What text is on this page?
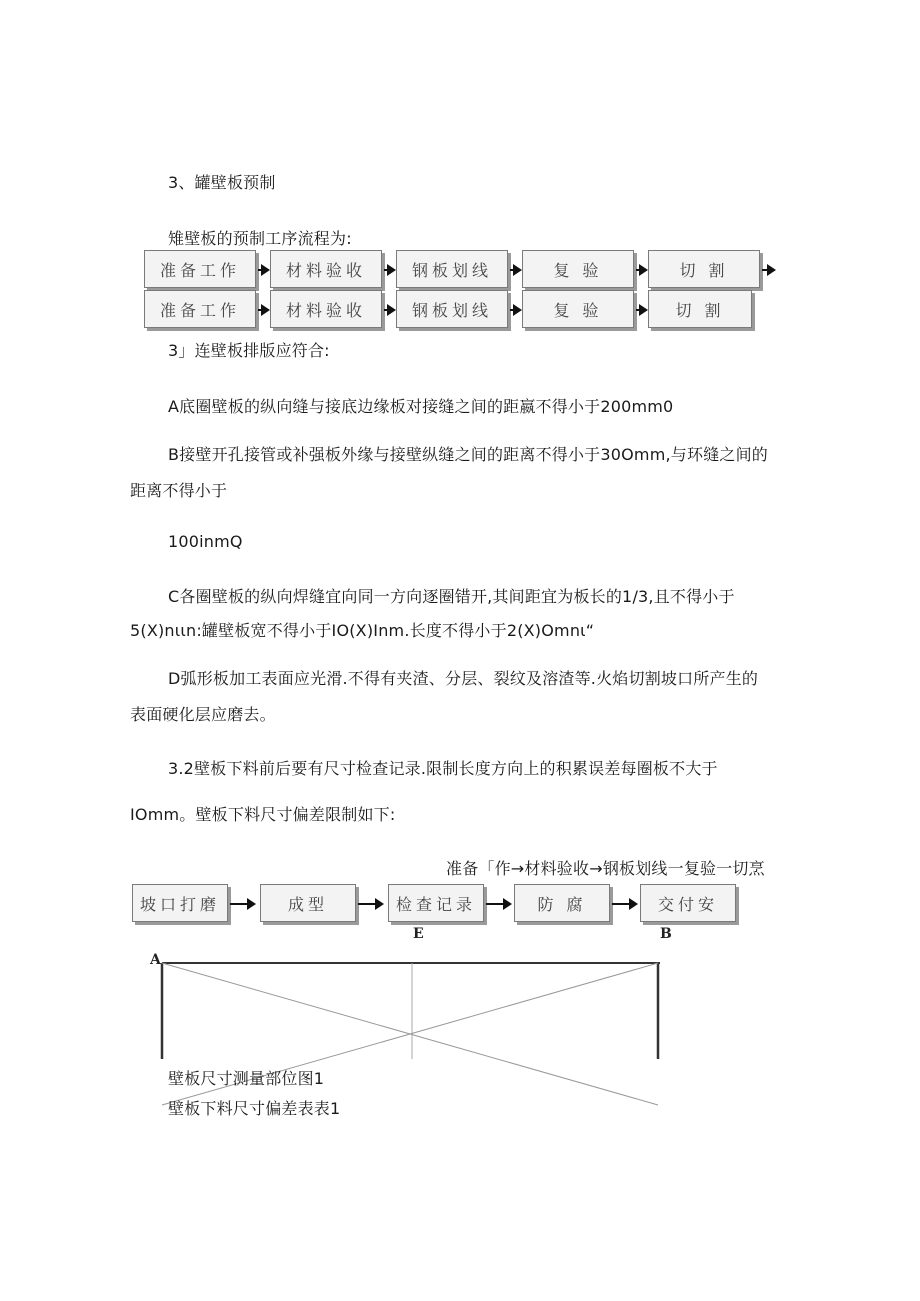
3、罐壁板预制
雉壁板的预制工序流程为:
准备工作	材料验收	钢板划线	复 验	切 割
准备工作	材料验收	钢板划线	复 验	切 割
3」连壁板排版应符合:
A底圈壁板的纵向缝与接底边缘板对接缝之间的距嬴不得小于200mm0
B接壁开孔接管或补强板外缘与接壁纵缝之间的距离不得小于30Omm,与环缝之间的
距离不得小于
100inmQ
C各圈壁板的纵向焊缝宜向同一方向逐圈错开,其间距宜为板长的1/3,且不得小于
5(X)nιιn:罐壁板宽不得小于IO(X)Inm.长度不得小于2(X)Omnι“
D弧形板加工表面应光滑.不得有夹渣、分层、裂纹及溶渣等.火焰切割坡口所产生的
表面硬化层应磨去。
3.2壁板下料前后要有尺寸检查记录.限制长度方向上的积累误差每圈板不大于
IOmm。壁板下料尺寸偏差限制如下:
准备「作→材料验收→钢板划线一复验一切烹
坡口打磨	成型	检查记录	防 腐	交付安
E	B
A
壁板尺寸测量部位图1
壁板下料尺寸偏差表表1
